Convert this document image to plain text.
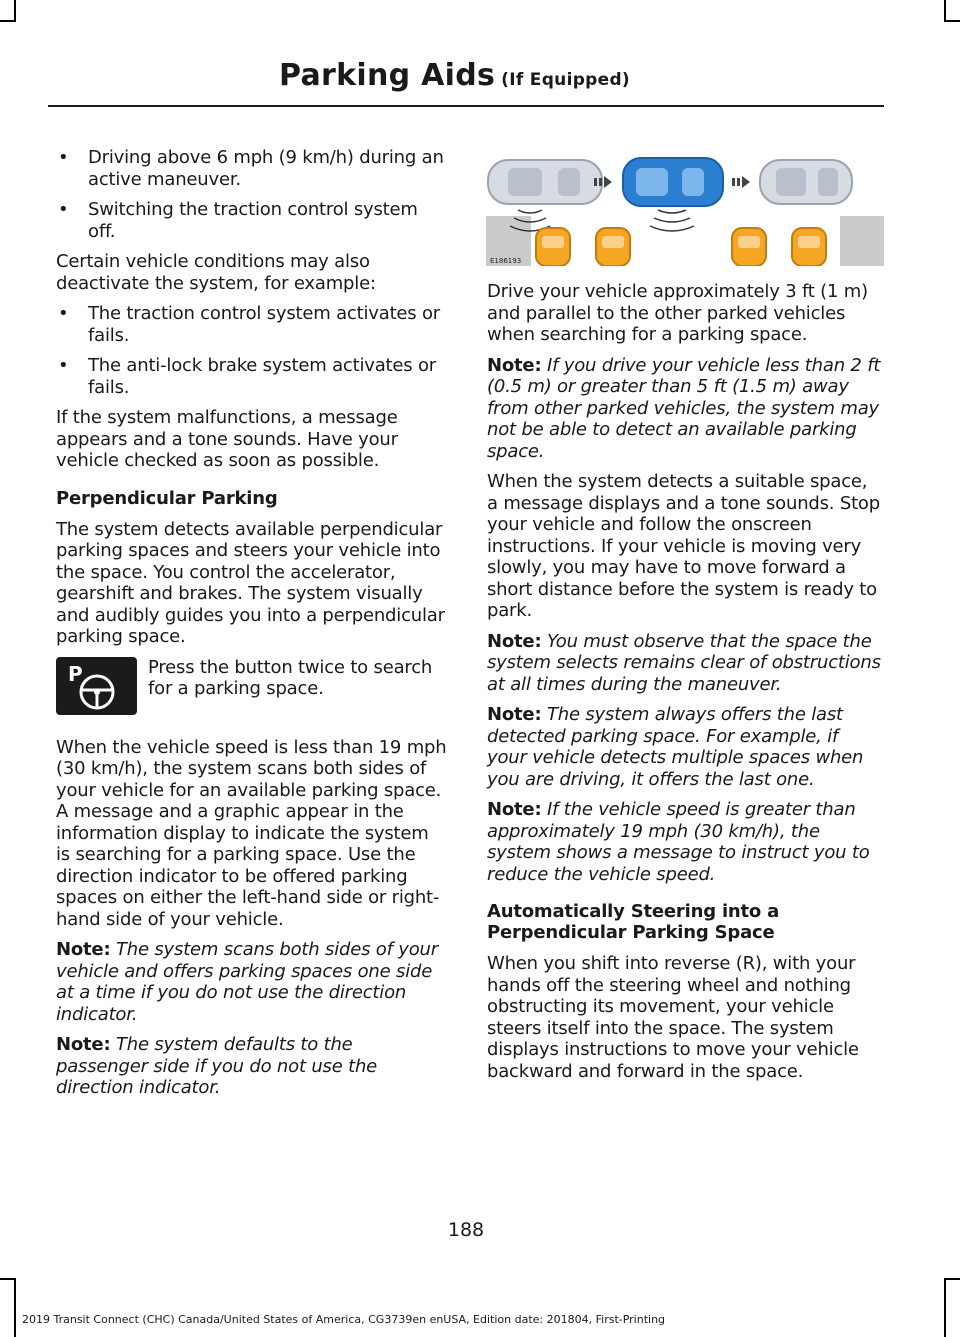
Parking Aids (If Equipped)
• Driving above 6 mph (9 km/h) during an active maneuver.
• Switching the traction control system off.

Certain vehicle conditions may also deactivate the system, for example:

• The traction control system activates or fails.
• The anti-lock brake system activates or fails.

If the system malfunctions, a message appears and a tone sounds. Have your vehicle checked as soon as possible.

Perpendicular Parking

The system detects available perpendicular parking spaces and steers your vehicle into the space. You control the accelerator, gearshift and brakes. The system visually and audibly guides you into a perpendicular parking space.

P	Press the button twice to search for a parking space.

When the vehicle speed is less than 19 mph (30 km/h), the system scans both sides of your vehicle for an available parking space. A message and a graphic appear in the information display to indicate the system is searching for a parking space. Use the direction indicator to be offered parking spaces on either the left-hand side or right-hand side of your vehicle.

Note: The system scans both sides of your vehicle and offers parking spaces one side at a time if you do not use the direction indicator.

Note: The system defaults to the passenger side if you do not use the direction indicator.

E186193

Drive your vehicle approximately 3 ft (1 m) and parallel to the other parked vehicles when searching for a parking space.

Note: If you drive your vehicle less than 2 ft (0.5 m) or greater than 5 ft (1.5 m) away from other parked vehicles, the system may not be able to detect an available parking space.

When the system detects a suitable space, a message displays and a tone sounds. Stop your vehicle and follow the onscreen instructions. If your vehicle is moving very slowly, you may have to move forward a short distance before the system is ready to park.

Note: You must observe that the space the system selects remains clear of obstructions at all times during the maneuver.

Note: The system always offers the last detected parking space. For example, if your vehicle detects multiple spaces when you are driving, it offers the last one.

Note: If the vehicle speed is greater than approximately 19 mph (30 km/h), the system shows a message to instruct you to reduce the vehicle speed.

Automatically Steering into a Perpendicular Parking Space

When you shift into reverse (R), with your hands off the steering wheel and nothing obstructing its movement, your vehicle steers itself into the space. The system displays instructions to move your vehicle backward and forward in the space.

188
2019 Transit Connect (CHC) Canada/United States of America, CG3739en enUSA, Edition date: 201804, First-Printing
